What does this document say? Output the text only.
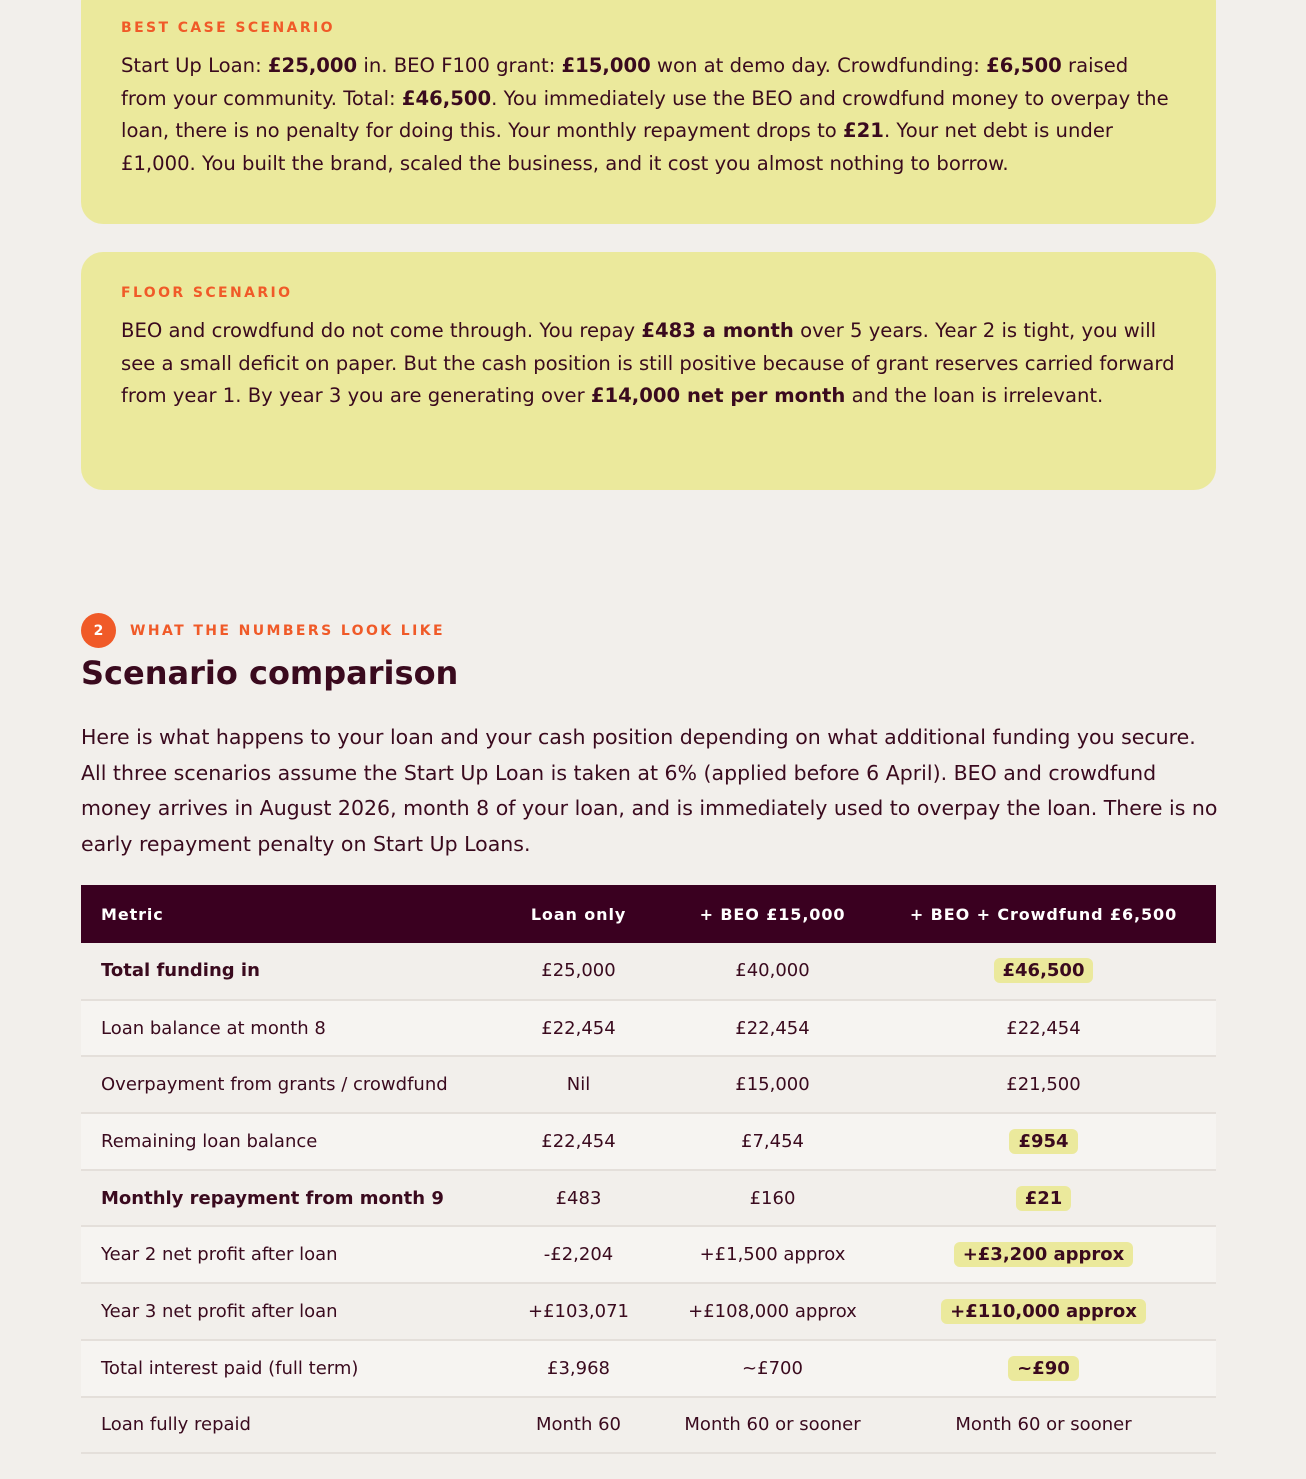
BEST CASE SCENARIO

Start Up Loan: £25,000 in. BEO F100 grant: £15,000 won at demo day. Crowdfunding: £6,500 raised from your community. Total: £46,500. You immediately use the BEO and crowdfund money to overpay the loan, there is no penalty for doing this. Your monthly repayment drops to £21. Your net debt is under £1,000. You built the brand, scaled the business, and it cost you almost nothing to borrow.

FLOOR SCENARIO

BEO and crowdfund do not come through. You repay £483 a month over 5 years. Year 2 is tight, you will see a small deficit on paper. But the cash position is still positive because of grant reserves carried forward from year 1. By year 3 you are generating over £14,000 net per month and the loan is irrelevant.

2	WHAT THE NUMBERS LOOK LIKE
Scenario comparison

Here is what happens to your loan and your cash position depending on what additional funding you secure. All three scenarios assume the Start Up Loan is taken at 6% (applied before 6 April). BEO and crowdfund money arrives in August 2026, month 8 of your loan, and is immediately used to overpay the loan. There is no early repayment penalty on Start Up Loans.

Metric	Loan only	+ BEO £15,000	+ BEO + Crowdfund £6,500
Total funding in	£25,000	£40,000	£46,500
Loan balance at month 8	£22,454	£22,454	£22,454
Overpayment from grants / crowdfund	Nil	£15,000	£21,500
Remaining loan balance	£22,454	£7,454	£954
Monthly repayment from month 9	£483	£160	£21
Year 2 net profit after loan	-£2,204	+£1,500 approx	+£3,200 approx
Year 3 net profit after loan	+£103,071	+£108,000 approx	+£110,000 approx
Total interest paid (full term)	£3,968	~£700	~£90
Loan fully repaid	Month 60	Month 60 or sooner	Month 60 or sooner
